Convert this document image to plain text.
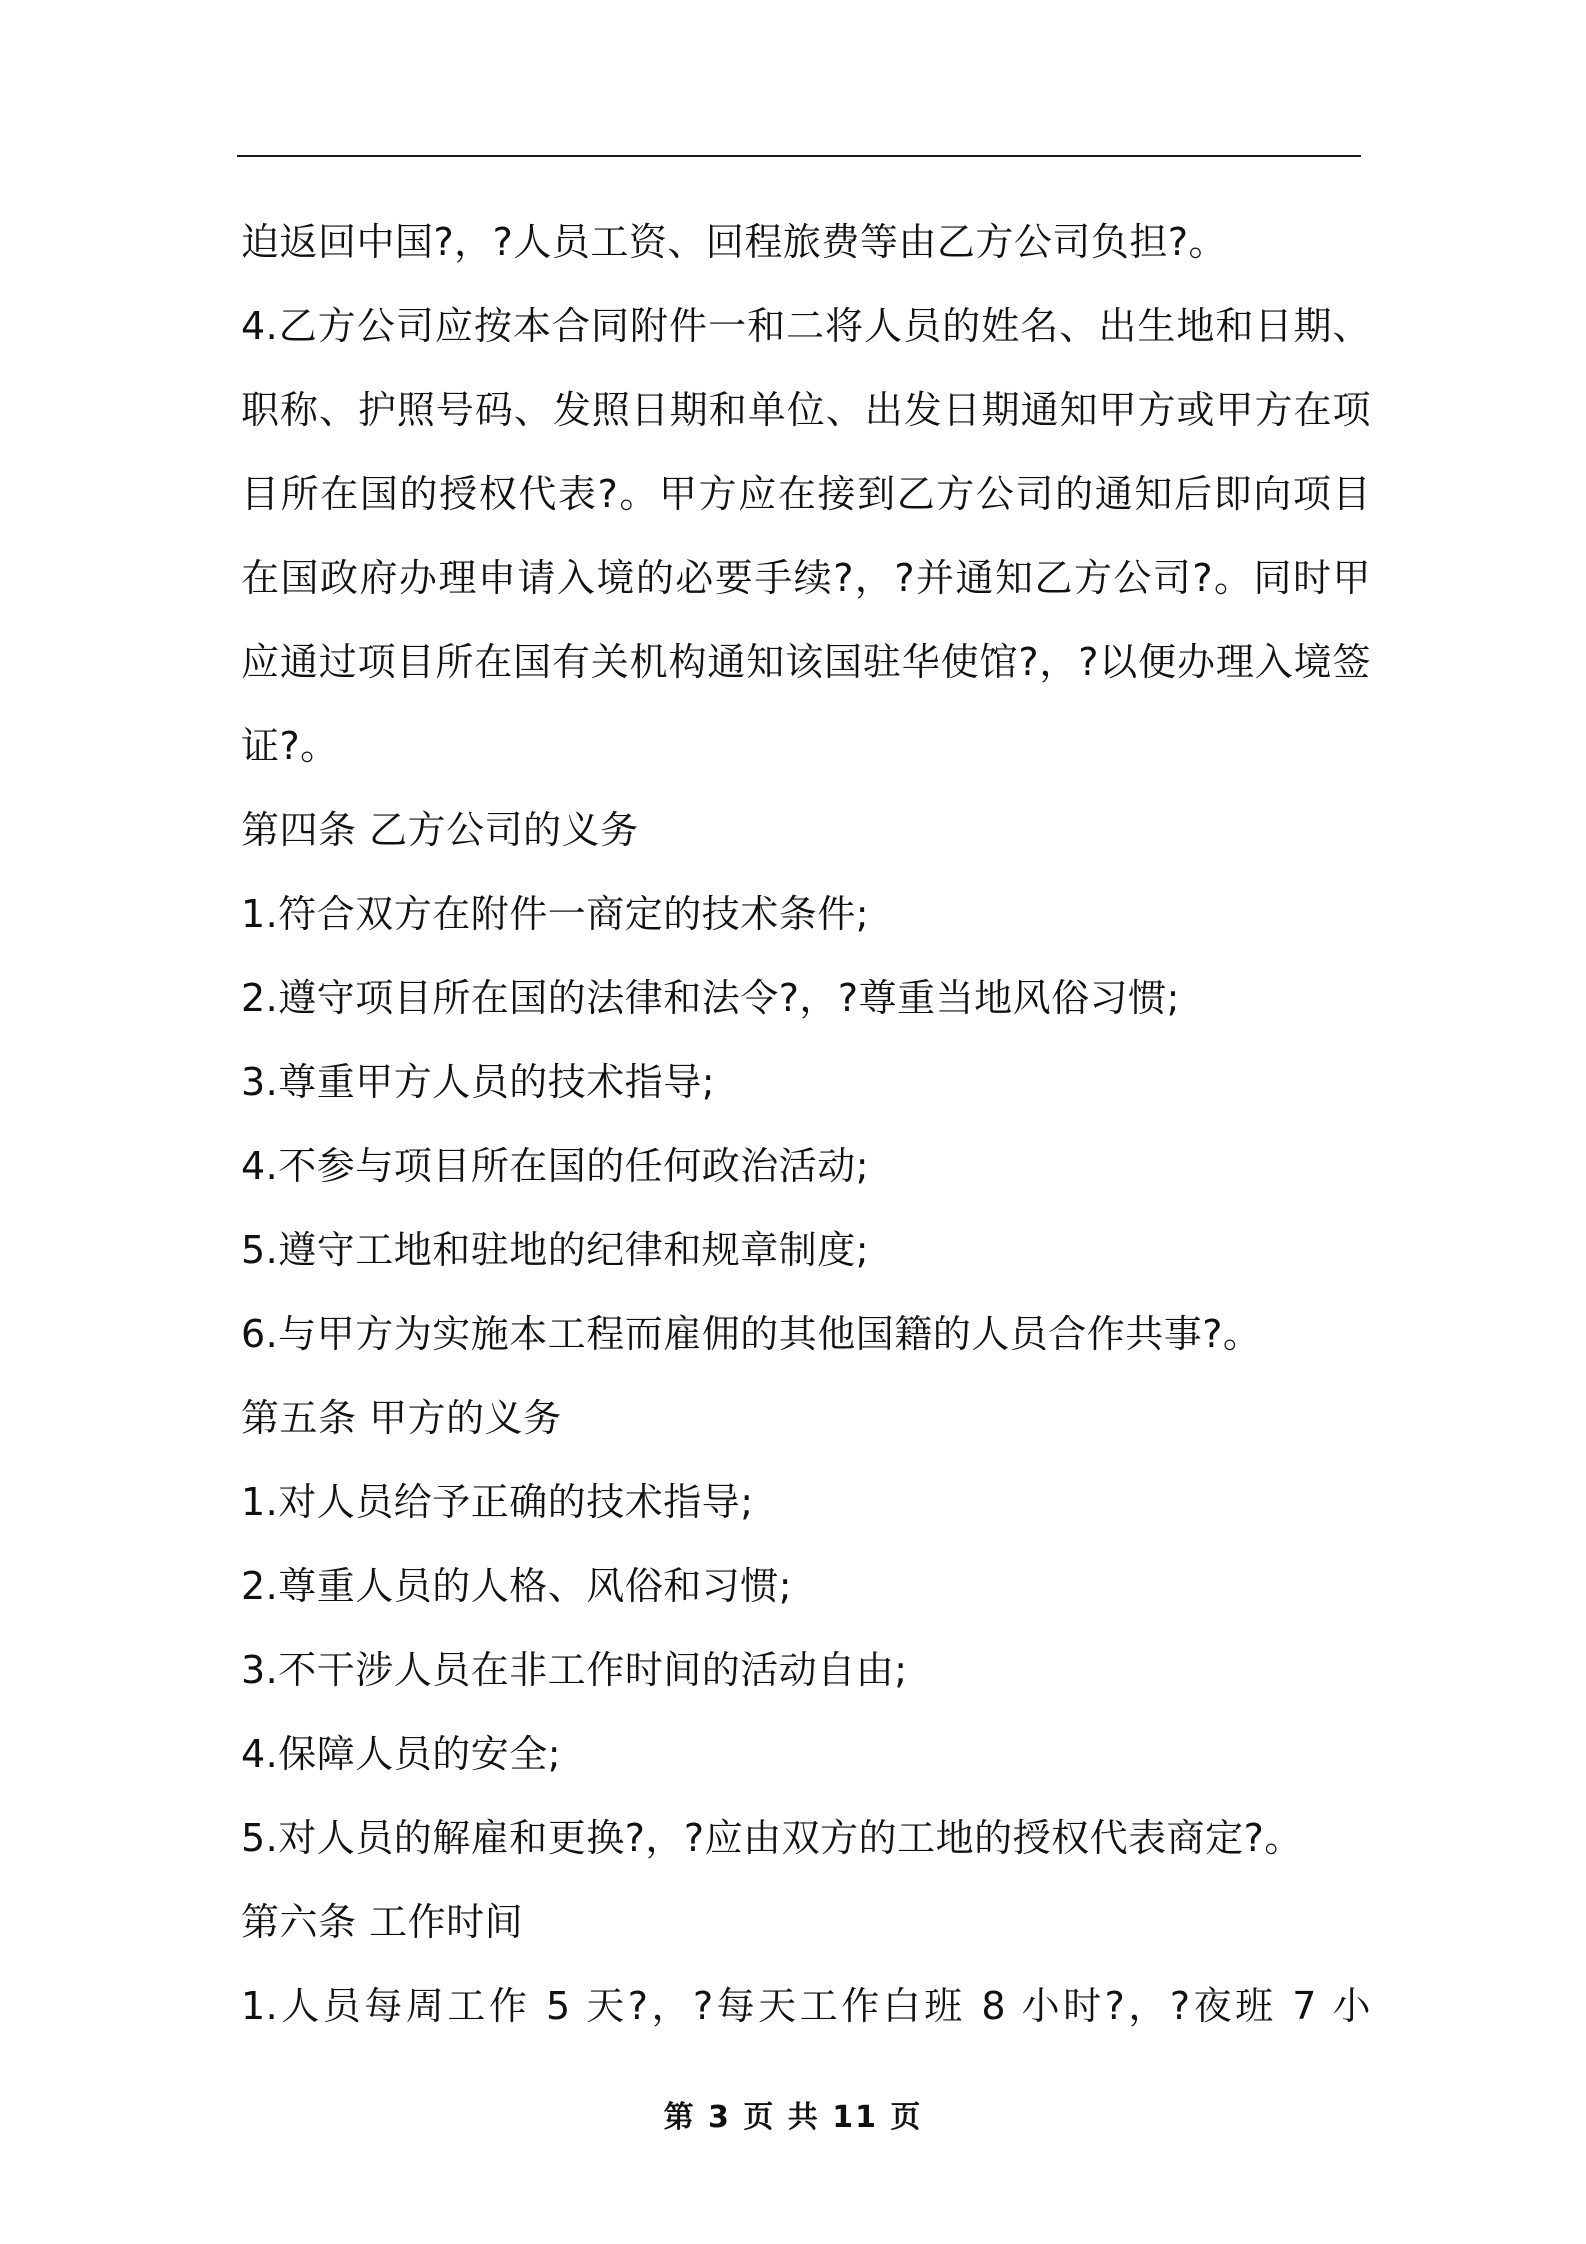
迫返回中国?，?人员工资、回程旅费等由乙方公司负担?。
4.乙方公司应按本合同附件一和二将人员的姓名、出生地和日期、
职称、护照号码、发照日期和单位、出发日期通知甲方或甲方在项
目所在国的授权代表?。甲方应在接到乙方公司的通知后即向项目
在国政府办理申请入境的必要手续?，?并通知乙方公司?。同时甲
应通过项目所在国有关机构通知该国驻华使馆?，?以便办理入境签
证?。
第四条 乙方公司的义务
1.符合双方在附件一商定的技术条件;
2.遵守项目所在国的法律和法令?，?尊重当地风俗习惯;
3.尊重甲方人员的技术指导;
4.不参与项目所在国的任何政治活动;
5.遵守工地和驻地的纪律和规章制度;
6.与甲方为实施本工程而雇佣的其他国籍的人员合作共事?。
第五条 甲方的义务
1.对人员给予正确的技术指导;
2.尊重人员的人格、风俗和习惯;
3.不干涉人员在非工作时间的活动自由;
4.保障人员的安全;
5.对人员的解雇和更换?，?应由双方的工地的授权代表商定?。
第六条 工作时间
1.人员每周工作 5 天?，?每天工作白班 8 小时?，?夜班 7 小
第 3 页 共 11 页
